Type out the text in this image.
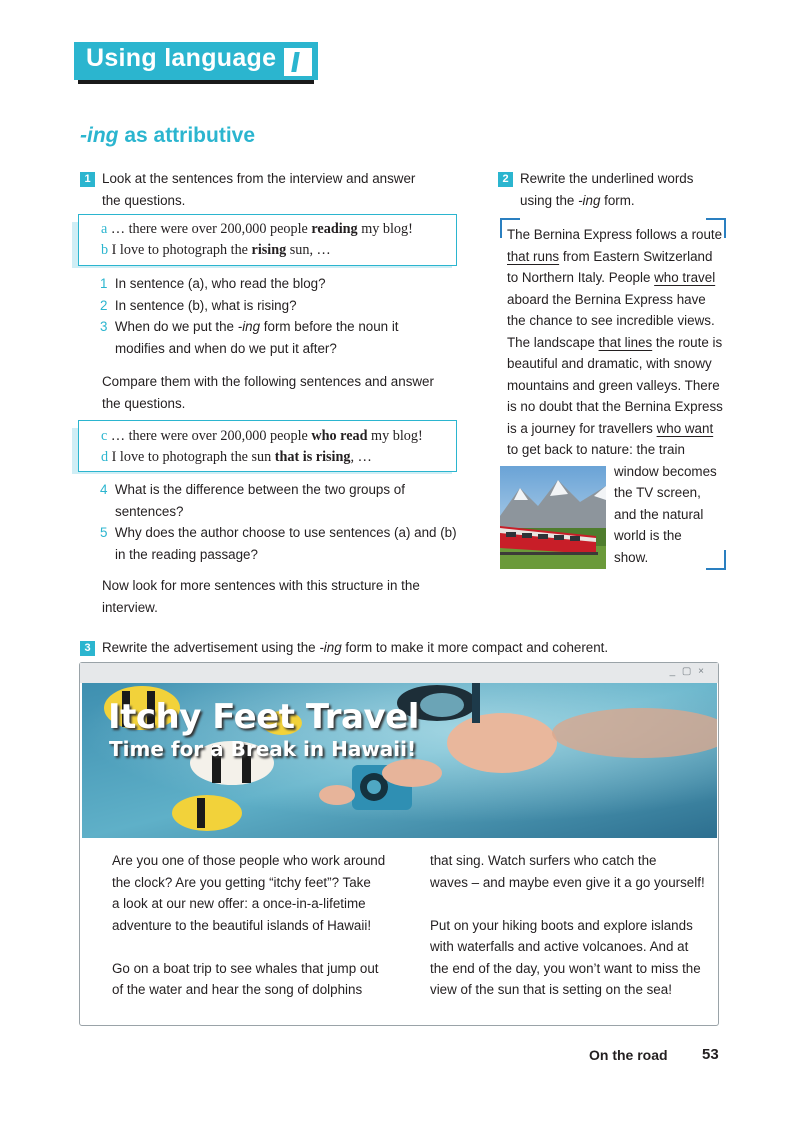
Using language
-ing as attributive
1 Look at the sentences from the interview and answer
the questions.
a … there were over 200,000 people reading my blog!
b I love to photograph the rising sun, …
1 In sentence (a), who read the blog?
2 In sentence (b), what is rising?
3 When do we put the -ing form before the noun it
modifies and when do we put it after?
Compare them with the following sentences and answer
the questions.
c … there were over 200,000 people who read my blog!
d I love to photograph the sun that is rising, …
4 What is the difference between the two groups of
sentences?
5 Why does the author choose to use sentences (a) and (b)
in the reading passage?
Now look for more sentences with this structure in the
interview.
2 Rewrite the underlined words
using the -ing form.
The Bernina Express follows a route
that runs from Eastern Switzerland
to Northern Italy. People who travel
aboard the Bernina Express have
the chance to see incredible views.
The landscape that lines the route is
beautiful and dramatic, with snowy
mountains and green valleys. There
is no doubt that the Bernina Express
is a journey for travellers who want
to get back to nature: the train
window becomes
the TV screen,
and the natural
world is the
show.
3 Rewrite the advertisement using the -ing form to make it more compact and coherent.
_ ▢ ×
Itchy Feet Travel
Time for a Break in Hawaii!
Are you one of those people who work around
the clock? Are you getting “itchy feet”? Take
a look at our new offer: a once-in-a-lifetime
adventure to the beautiful islands of Hawaii!
Go on a boat trip to see whales that jump out
of the water and hear the song of dolphins
that sing. Watch surfers who catch the
waves – and maybe even give it a go yourself!
Put on your hiking boots and explore islands
with waterfalls and active volcanoes. And at
the end of the day, you won’t want to miss the
view of the sun that is setting on the sea!
On the road 53
